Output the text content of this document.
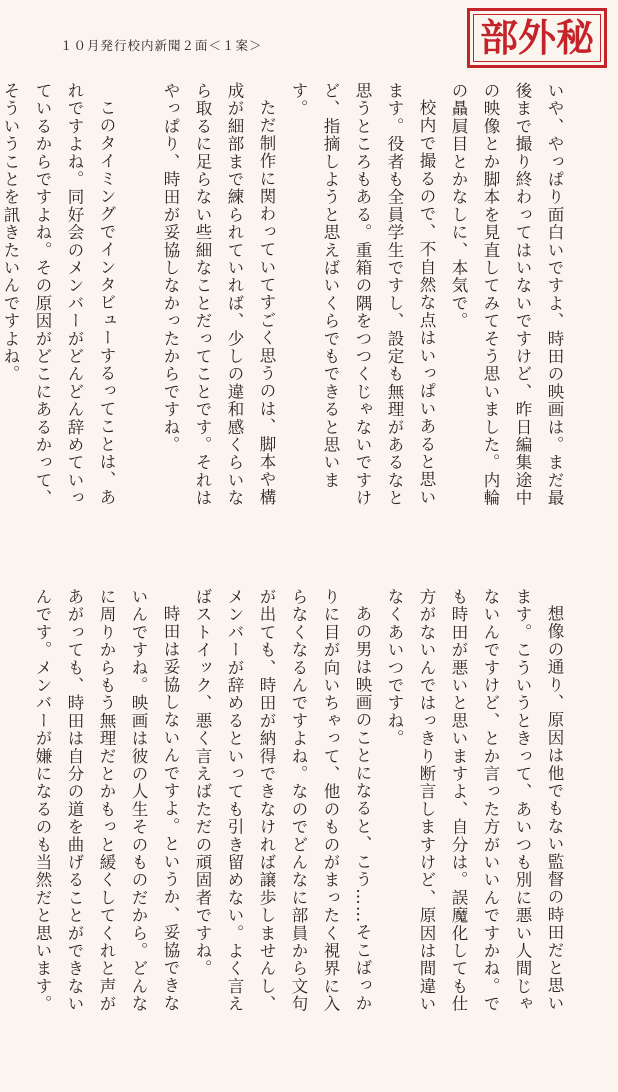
１０月発行校内新聞２面＜１案＞	部外秘

いや、やっぱり面白いですよ、時田の映画は。まだ最後まで撮り終わってはいないですけど、昨日編集途中の映像とか脚本を見直してみてそう思いました。内輪の贔屓目とかなしに、本気で。

校内で撮るので、不自然な点はいっぱいあると思います。役者も全員学生ですし、設定も無理があるなと思うところもある。重箱の隅をつつくじゃないですけど、指摘しようと思えばいくらでもできると思います。

ただ制作に関わっていてすごく思うのは、脚本や構成が細部まで練られていれば、少しの違和感くらいなら取るに足らない些細なことだってことです。それはやっぱり、時田が妥協しなかったからですね。

このタイミングでインタビューするってことは、あれですよね。同好会のメンバーがどんどん辞めていっているからですよね。その原因がどこにあるかって、そういうことを訊きたいんですよね。

想像の通り、原因は他でもない監督の時田だと思います。こういうときって、あいつも別に悪い人間じゃないんですけど、とか言った方がいいんですかね。でも時田が悪いと思いますよ、自分は。誤魔化しても仕方がないんではっきり断言しますけど、原因は間違いなくあいつですね。

あの男は映画のことになると、こう……そこばっかりに目が向いちゃって、他のものがまったく視界に入らなくなるんですよね。なのでどんなに部員から文句が出ても、時田が納得できなければ譲歩しませんし、メンバーが辞めるといっても引き留めない。よく言えばストイック、悪く言えばただの頑固者ですね。

時田は妥協しないんですよ。というか、妥協できないんですね。映画は彼の人生そのものだから。どんなに周りからもう無理だとかもっと緩くしてくれと声があがっても、時田は自分の道を曲げることができないんです。メンバーが嫌になるのも当然だと思います。
